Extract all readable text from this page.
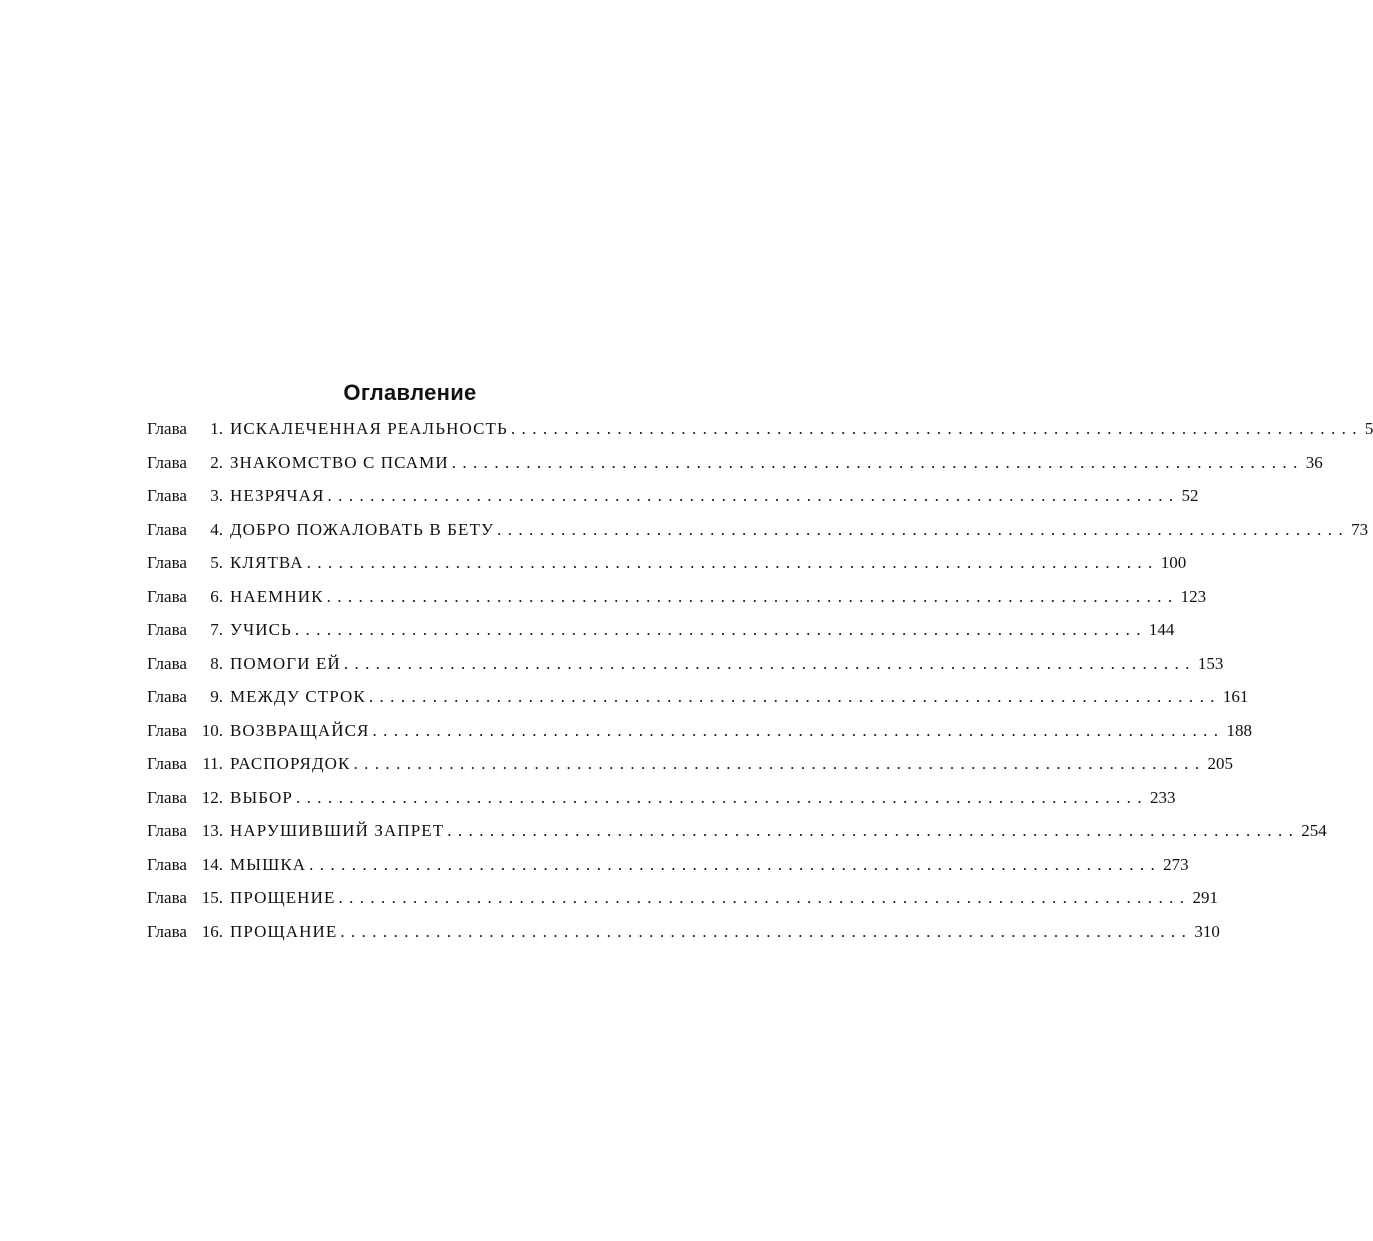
Оглавление
Глава	1. ИСКАЛЕЧЕННАЯ РЕАЛЬНОСТЬ ................................................................................ 5
Глава	2. ЗНАКОМСТВО С ПСАМИ ................................................................................ 36
Глава	3. НЕЗРЯЧАЯ ................................................................................ 52
Глава	4. ДОБРО ПОЖАЛОВАТЬ В БЕТУ ................................................................................ 73
Глава	5. КЛЯТВА ................................................................................ 100
Глава	6. НАЕМНИК ................................................................................ 123
Глава	7. УЧИСЬ ................................................................................ 144
Глава	8. ПОМОГИ ЕЙ ................................................................................ 153
Глава	9. МЕЖДУ СТРОК ................................................................................ 161
Глава 10. ВОЗВРАЩАЙСЯ ................................................................................ 188
Глава 11. РАСПОРЯДОК ................................................................................ 205
Глава 12. ВЫБОР ................................................................................ 233
Глава 13. НАРУШИВШИЙ ЗАПРЕТ ................................................................................ 254
Глава 14. МЫШКА ................................................................................ 273
Глава 15. ПРОЩЕНИЕ ................................................................................ 291
Глава 16. ПРОЩАНИЕ ................................................................................ 310
